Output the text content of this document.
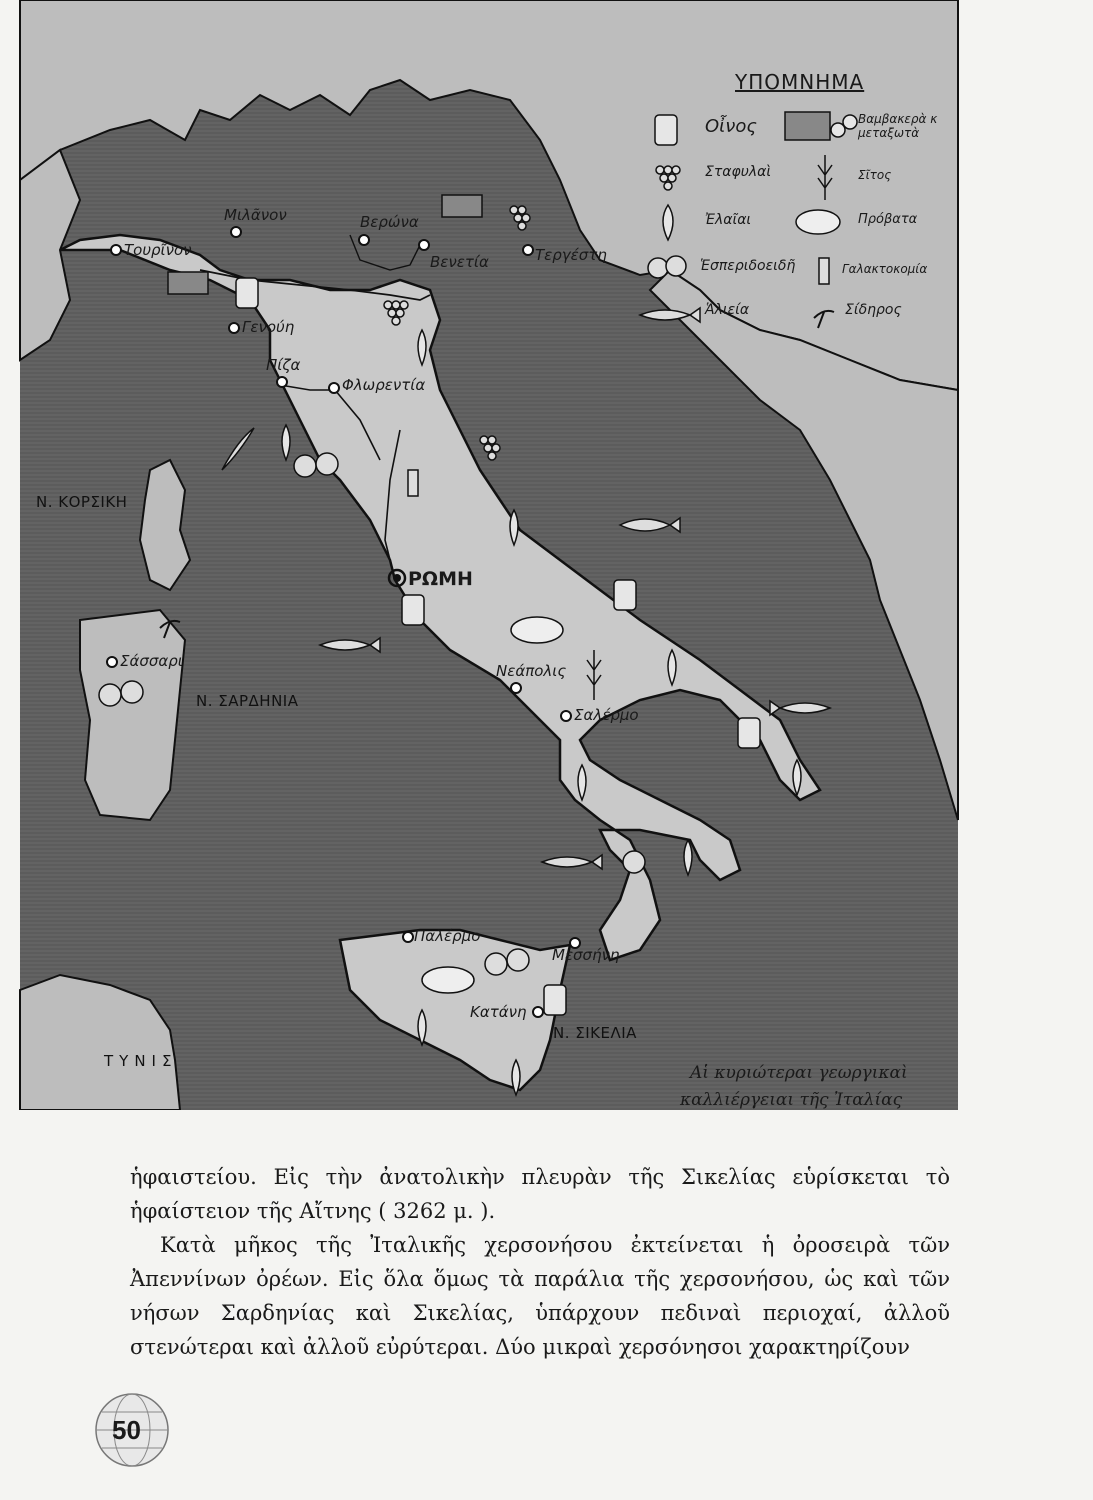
ΥΠΟΜΝΗΜΑ
Οἶνος	Βαμβακερὰ κ μεταξωτὰ
Σταφυλαὶ	Σῖτος
Ἐλαῖαι	Πρόβατα
Ἑσπεριδοειδῆ	Γαλακτοκομία
Ἁλιεία	Σίδηρος
Μιλᾶνον
Τουρῖνον
Βερώνα
Βενετία	Τεργέστη
Γενούη
Πίζα
Φλωρεντία
ΡΩΜΗ
Νεάπολις
Σαλέρμο
Σάσσαρι
Παλέρμο
Μεσσήνη
Κατάνη
Ν. ΚΟΡΣΙΚΗ
Ν. ΣΑΡΔΗΝΙΑ
Ν. ΣΙΚΕΛΙΑ
ΤΥΝΙΣ
Αἱ κυριώτεραι γεωργικαὶ
καλλιέργειαι τῆς Ἰταλίας

ἡφαιστείου. Εἰς τὴν ἀνατολικὴν πλευρὰν τῆς Σικελίας εὑρίσκεται τὸ ἡφαίστειον τῆς Αἴτνης ( 3262 μ. ).

Κατὰ μῆκος τῆς Ἰταλικῆς χερσονήσου ἐκτείνεται ἡ ὀροσειρὰ τῶν Ἀπεννίνων ὀρέων. Εἰς ὅλα ὅμως τὰ παράλια τῆς χερσονήσου, ὡς καὶ τῶν νήσων Σαρδηνίας καὶ Σικελίας, ὑπάρχουν πεδιναὶ περιοχαί, ἀλλοῦ στενώτεραι καὶ ἀλλοῦ εὐρύτεραι. Δύο μικραὶ χερσόνησοι χαρακτηρίζουν

50
